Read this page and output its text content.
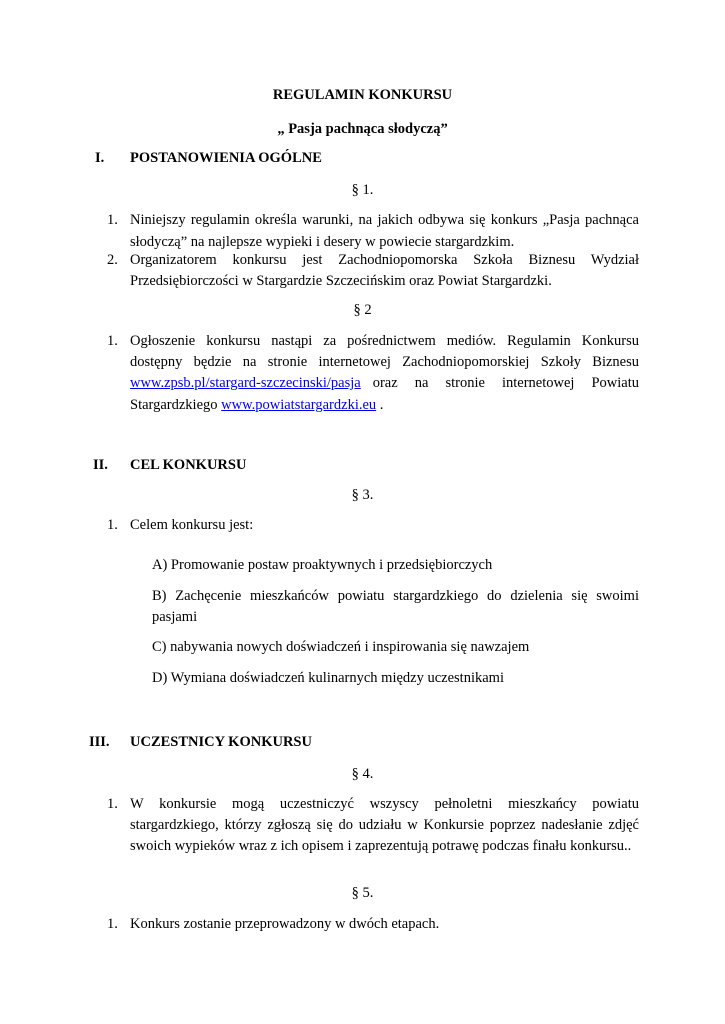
REGULAMIN KONKURSU
„ Pasja pachnąca słodyczą”
I. POSTANOWIENIA OGÓLNE
§ 1.
1. Niniejszy regulamin określa warunki, na jakich odbywa się konkurs „Pasja pachnąca
słodyczą” na najlepsze wypieki i desery w powiecie stargardzkim.
2. Organizatorem konkursu jest Zachodniopomorska Szkoła Biznesu Wydział
Przedsiębiorczości w Stargardzie Szczecińskim oraz Powiat Stargardzki.
§ 2
1. Ogłoszenie konkursu nastąpi za pośrednictwem mediów. Regulamin Konkursu
dostępny będzie na stronie internetowej Zachodniopomorskiej Szkoły Biznesu
www.zpsb.pl/stargard-szczecinski/pasja oraz na stronie internetowej Powiatu
Stargardzkiego www.powiatstargardzki.eu .
II. CEL KONKURSU
§ 3.
1. Celem konkursu jest:
A) Promowanie postaw proaktywnych i przedsiębiorczych
B) Zachęcenie mieszkańców powiatu stargardzkiego do dzielenia się swoimi
pasjami
C) nabywania nowych doświadczeń i inspirowania się nawzajem
D) Wymiana doświadczeń kulinarnych między uczestnikami
III. UCZESTNICY KONKURSU
§ 4.
1. W konkursie mogą uczestniczyć wszyscy pełnoletni mieszkańcy powiatu
stargardzkiego, którzy zgłoszą się do udziału w Konkursie poprzez nadesłanie zdjęć
swoich wypieków wraz z ich opisem i zaprezentują potrawę podczas finału konkursu..
§ 5.
1. Konkurs zostanie przeprowadzony w dwóch etapach.
